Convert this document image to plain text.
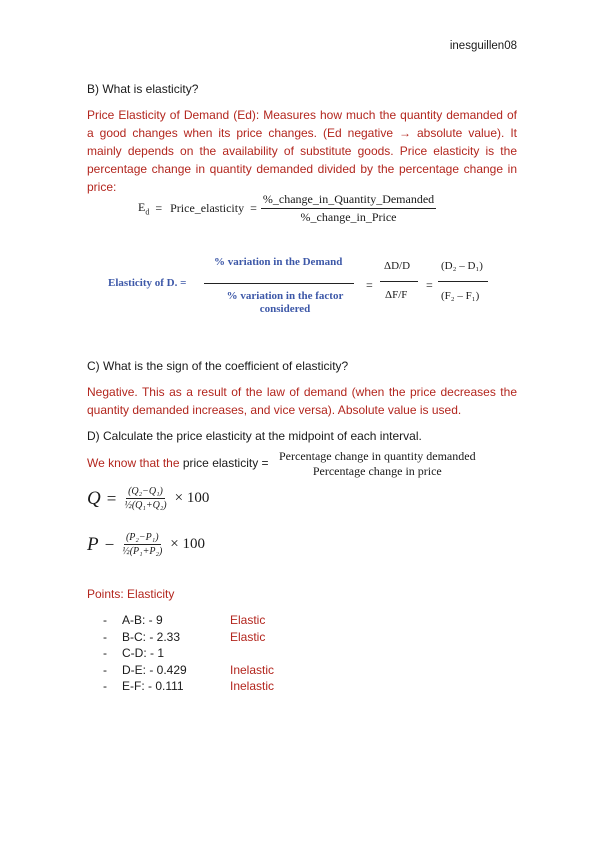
inesguillen08
B) What is elasticity?
Price Elasticity of Demand (Ed): Measures how much the quantity demanded of a good changes when its price changes. (Ed negative → absolute value). It mainly depends on the availability of substitute goods. Price elasticity is the percentage change in quantity demanded divided by the percentage change in price:
$E_d$ = Price_elasticity = $\frac{\text{\%\_change\_in\_Quantity\_Demanded}}{\text{\%\_change\_in\_Price}}$
Elasticity of D. =
% variation in the Demand
% variation in the factor
considered
=
ΔD/D
ΔF/F
=
(D₂ – D₁)
(F₂ – F₁)
C) What is the sign of the coefficient of elasticity?
Negative. This as a result of the law of demand (when the price decreases the quantity demanded increases, and vice versa). Absolute value is used.
D) Calculate the price elasticity at the midpoint of each interval.
We know that the price elasticity = Percentage change in quantity demanded
Percentage change in price
$Q = \frac{\text{(Q₂−Q₁)}}{\text{½(Q₁+Q₂)}} \times 100$
$P - \frac{\text{(P₂−P₁)}}{\text{½(P₁+P₂)}} \times 100$
Points: Elasticity
- A-B: - 9	Elastic
- B-C: - 2.33	Elastic
- C-D: - 1
- D-E: - 0.429	Inelastic
- E-F: - 0.111	Inelastic
